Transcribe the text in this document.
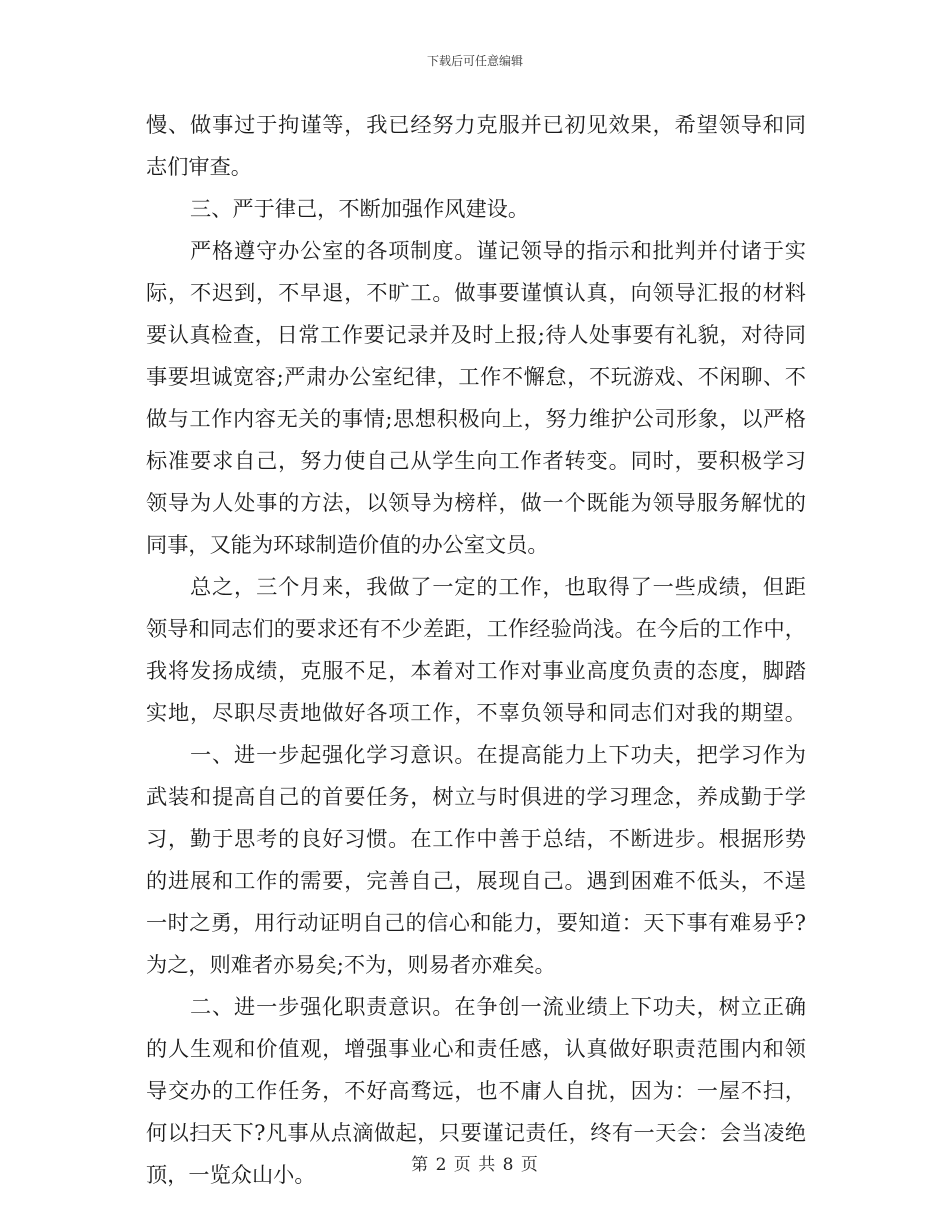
下载后可任意编辑
慢、做事过于拘谨等，我已经努力克服并已初见效果，希望领导和同
志们审查。
三、严于律己，不断加强作风建设。
严格遵守办公室的各项制度。谨记领导的指示和批判并付诸于实
际，不迟到，不早退，不旷工。做事要谨慎认真，向领导汇报的材料
要认真检查，日常工作要记录并及时上报;待人处事要有礼貌，对待同
事要坦诚宽容;严肃办公室纪律，工作不懈怠，不玩游戏、不闲聊、不
做与工作内容无关的事情;思想积极向上，努力维护公司形象，以严格
标准要求自己，努力使自己从学生向工作者转变。同时，要积极学习
领导为人处事的方法，以领导为榜样，做一个既能为领导服务解忧的
同事，又能为环球制造价值的办公室文员。
总之，三个月来，我做了一定的工作，也取得了一些成绩，但距
领导和同志们的要求还有不少差距，工作经验尚浅。在今后的工作中，
我将发扬成绩，克服不足，本着对工作对事业高度负责的态度，脚踏
实地，尽职尽责地做好各项工作，不辜负领导和同志们对我的期望。
一、进一步起强化学习意识。在提高能力上下功夫，把学习作为
武装和提高自己的首要任务，树立与时俱进的学习理念，养成勤于学
习，勤于思考的良好习惯。在工作中善于总结，不断进步。根据形势
的进展和工作的需要，完善自己，展现自己。遇到困难不低头，不逞
一时之勇，用行动证明自己的信心和能力，要知道：天下事有难易乎?
为之，则难者亦易矣;不为，则易者亦难矣。
二、进一步强化职责意识。在争创一流业绩上下功夫，树立正确
的人生观和价值观，增强事业心和责任感，认真做好职责范围内和领
导交办的工作任务，不好高骛远，也不庸人自扰，因为：一屋不扫，
何以扫天下?凡事从点滴做起，只要谨记责任，终有一天会：会当凌绝
顶，一览众山小。	第 2 页 共 8 页
